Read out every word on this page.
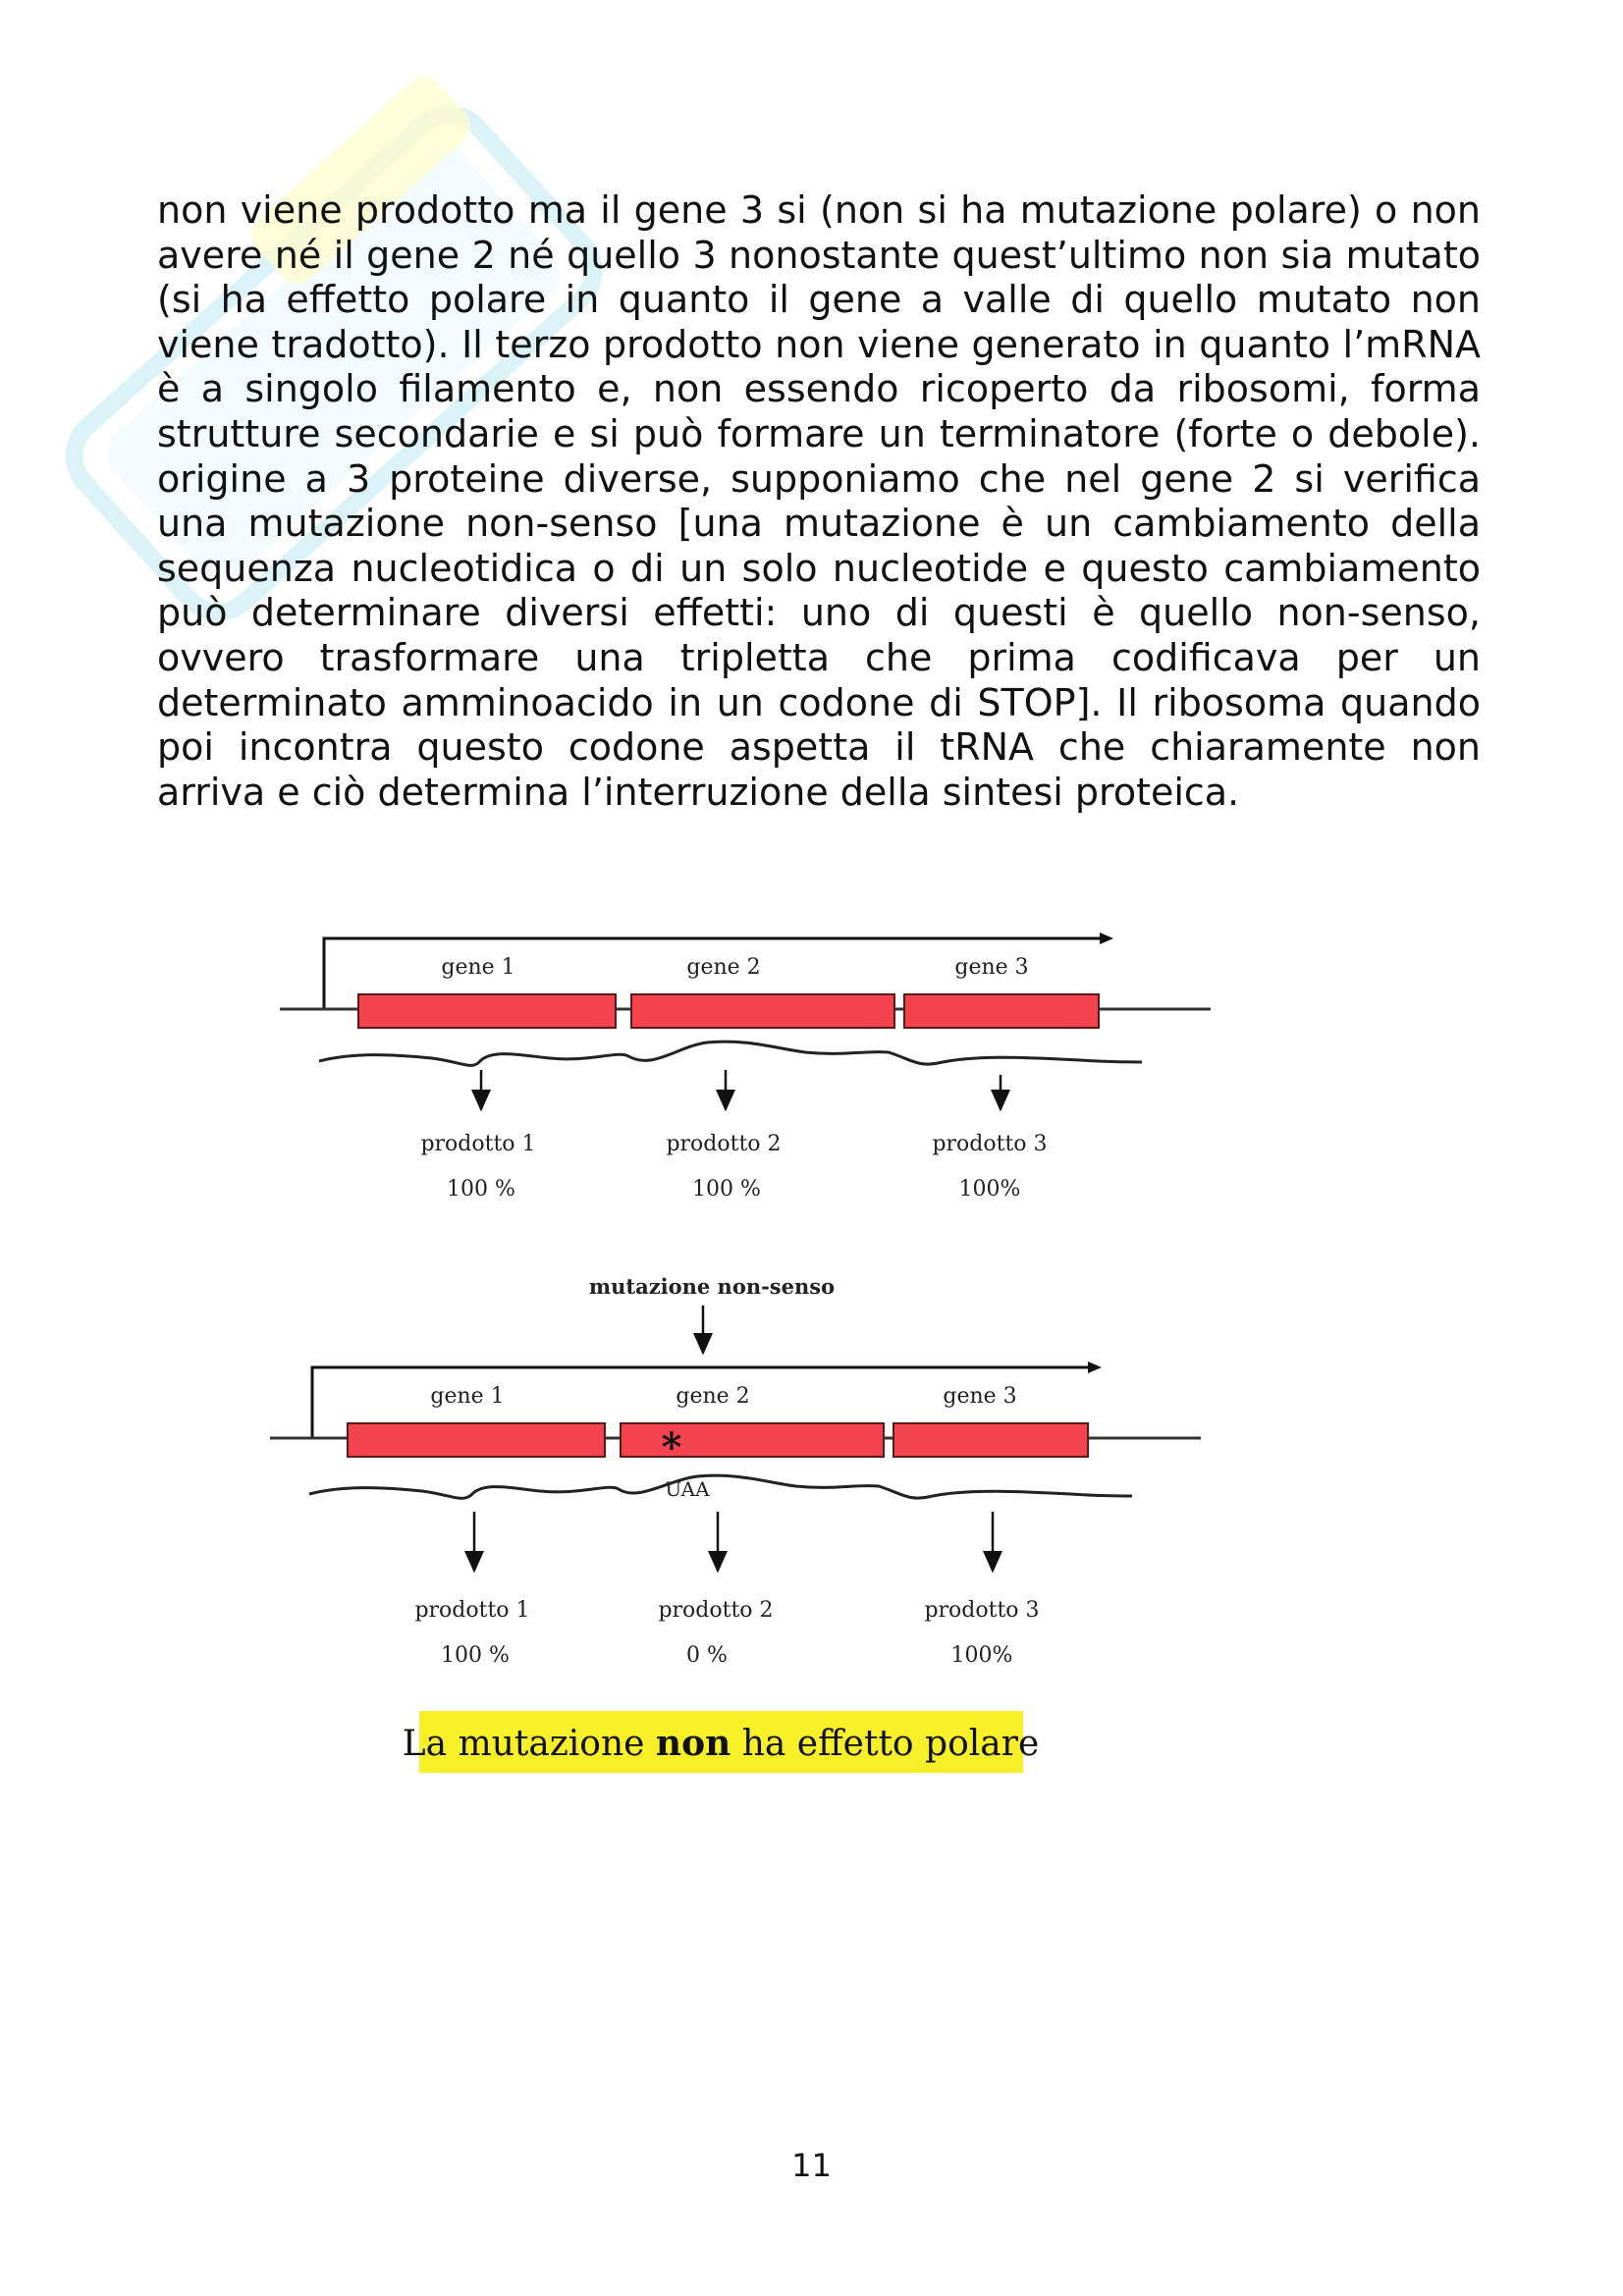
non viene prodotto ma il gene 3 si (non si ha mutazione polare) o non avere né il gene 2 né quello 3 nonostante quest’ultimo non sia mutato (si ha effetto polare in quanto il gene a valle di quello mutato non viene tradotto). Il terzo prodotto non viene generato in quanto l’mRNA è a singolo filamento e, non essendo ricoperto da ribosomi, forma strutture secondarie e si può formare un terminatore (forte o debole). origine a 3 proteine diverse, supponiamo che nel gene 2 si verifica una mutazione non-senso [una mutazione è un cambiamento della sequenza nucleotidica o di un solo nucleotide e questo cambiamento può determinare diversi effetti: uno di questi è quello non-senso, ovvero trasformare una tripletta che prima codificava per un determinato amminoacido in un codone di STOP]. Il ribosoma quando poi incontra questo codone aspetta il tRNA che chiaramente non arriva e ciò determina l’interruzione della sintesi proteica.

gene 1	gene 2	gene 3
prodotto 1	prodotto 2	prodotto 3
100 %	100 %	100%
mutazione non-senso
gene 1	gene 2	gene 3
*
UAA
prodotto 1	prodotto 2	prodotto 3
100 %	0 %	100%
La mutazione non ha effetto polare
11
